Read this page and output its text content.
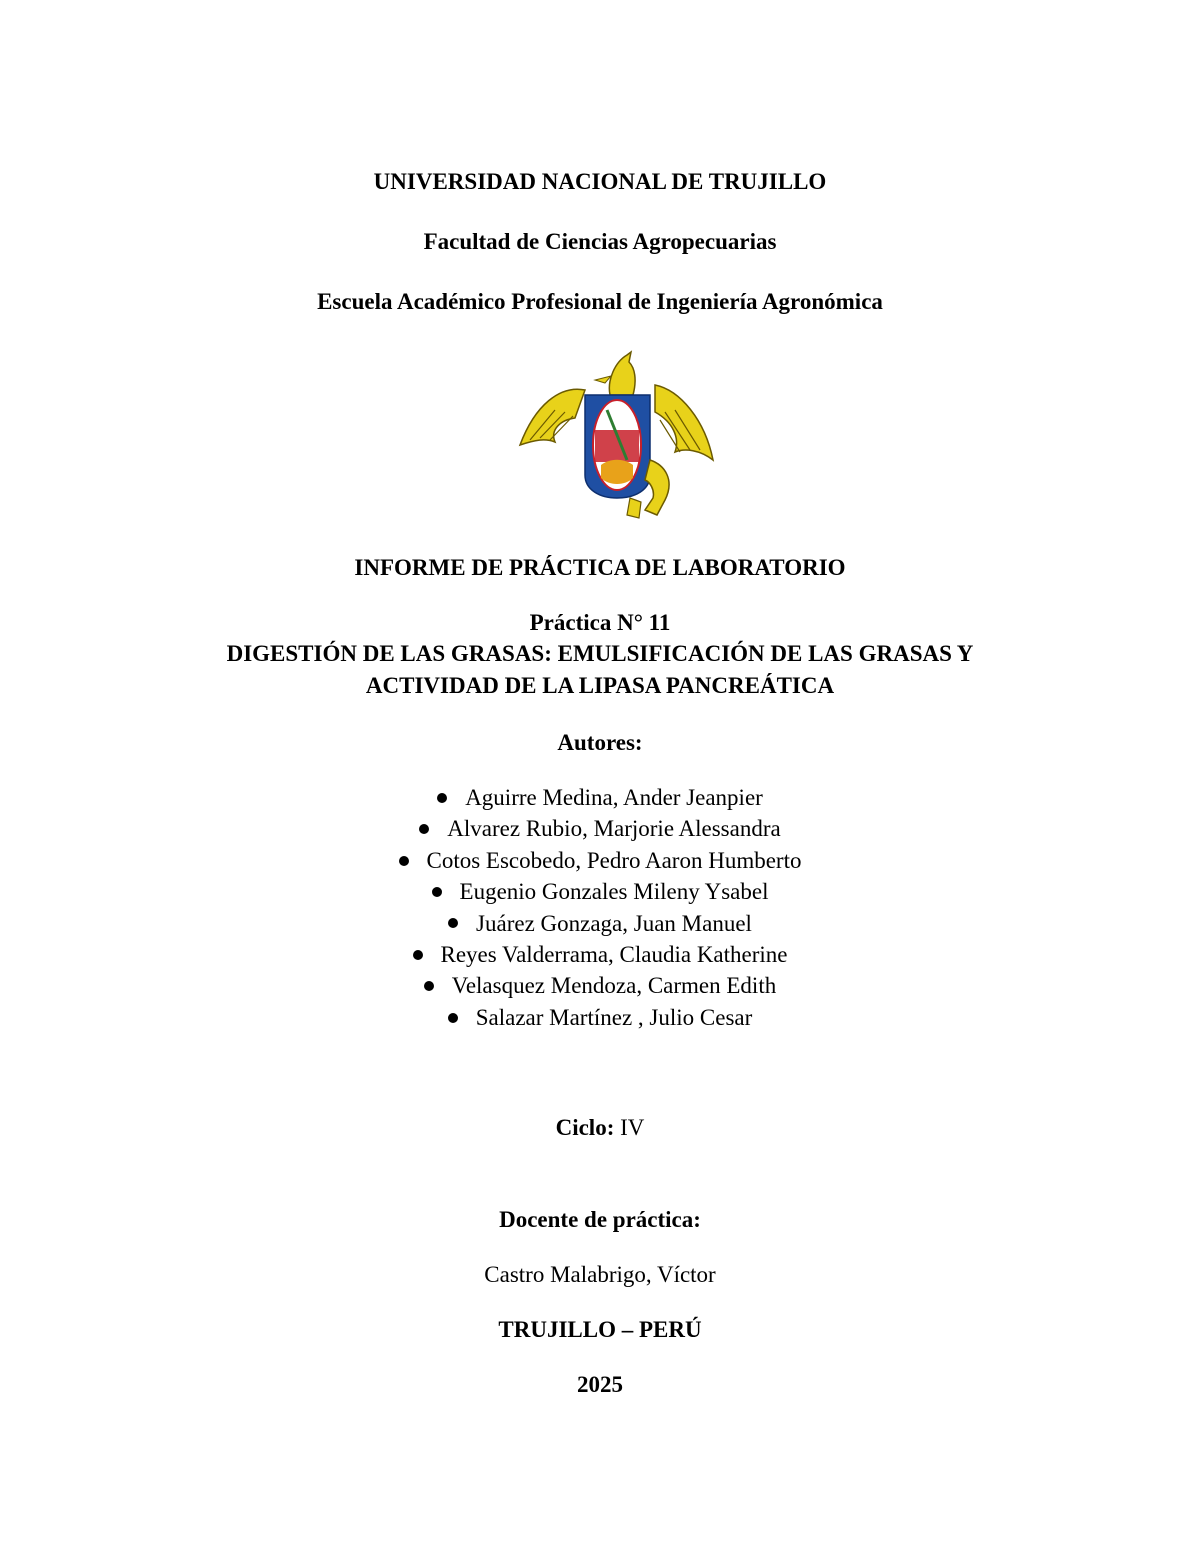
UNIVERSIDAD NACIONAL DE TRUJILLO
Facultad de Ciencias Agropecuarias
Escuela Académico Profesional de Ingeniería Agronómica
INFORME DE PRÁCTICA DE LABORATORIO
Práctica N° 11
DIGESTIÓN DE LAS GRASAS: EMULSIFICACIÓN DE LAS GRASAS Y
ACTIVIDAD DE LA LIPASA PANCREÁTICA
Autores:
Aguirre Medina, Ander Jeanpier
Alvarez Rubio, Marjorie Alessandra
Cotos Escobedo, Pedro Aaron Humberto
Eugenio Gonzales Mileny Ysabel
Juárez Gonzaga, Juan Manuel
Reyes Valderrama, Claudia Katherine
Velasquez Mendoza, Carmen Edith
Salazar Martínez , Julio Cesar
Ciclo: IV
Docente de práctica:
Castro Malabrigo, Víctor
TRUJILLO – PERÚ
2025
